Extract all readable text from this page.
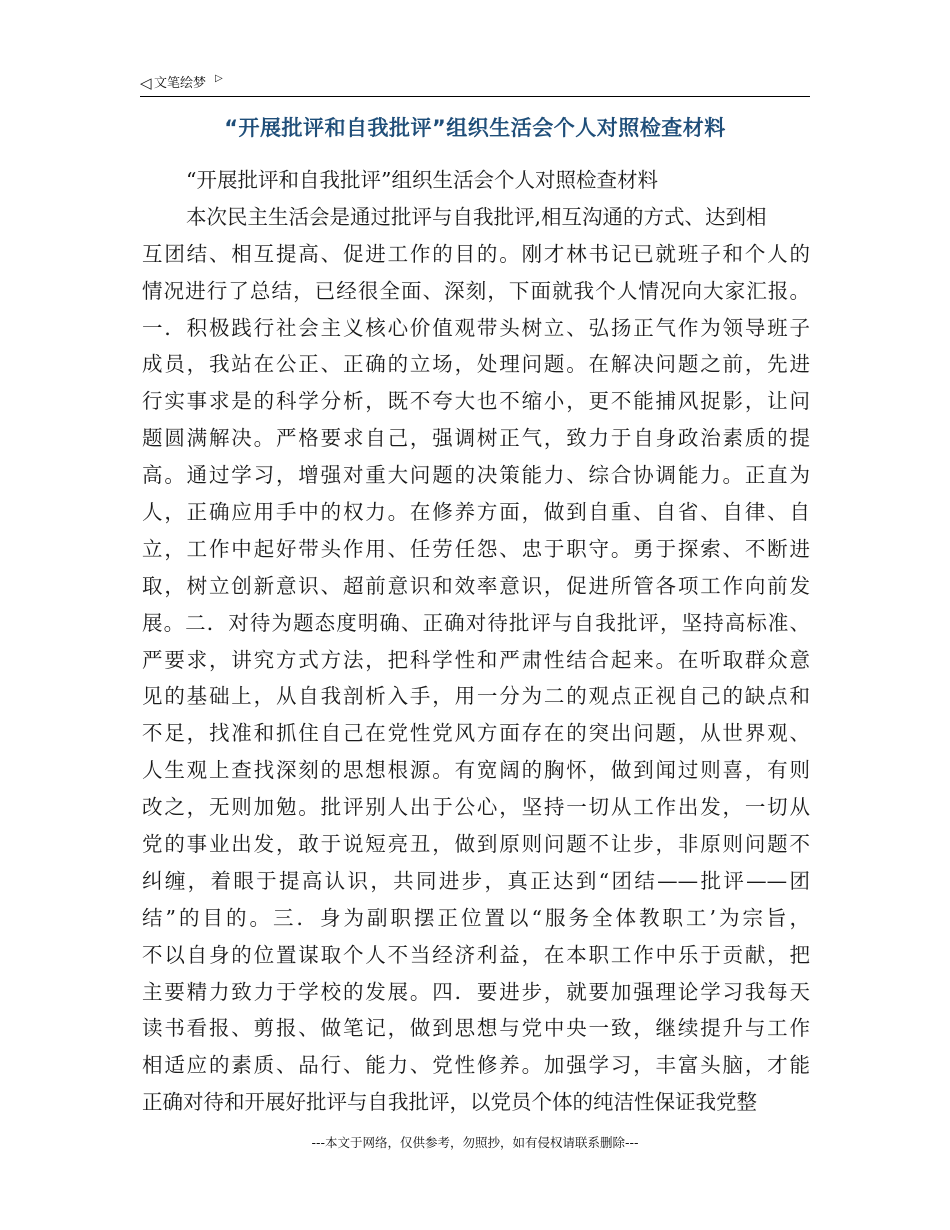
◁ 文笔绘梦 ▷
“开展批评和自我批评”组织生活会个人对照检查材料
“开展批评和自我批评”组织生活会个人对照检查材料
本次民主生活会是通过批评与自我批评,相互沟通的方式、达到相
互团结、相互提高、促进工作的目的。刚才林书记已就班子和个人的
情况进行了总结，已经很全面、深刻，下面就我个人情况向大家汇报。
一．积极践行社会主义核心价值观带头树立、弘扬正气作为领导班子
成员，我站在公正、正确的立场，处理问题。在解决问题之前，先进
行实事求是的科学分析，既不夸大也不缩小，更不能捕风捉影，让问
题圆满解决。严格要求自己，强调树正气，致力于自身政治素质的提
高。通过学习，增强对重大问题的决策能力、综合协调能力。正直为
人，正确应用手中的权力。在修养方面，做到自重、自省、自律、自
立，工作中起好带头作用、任劳任怨、忠于职守。勇于探索、不断进
取，树立创新意识、超前意识和效率意识，促进所管各项工作向前发
展。二．对待为题态度明确、正确对待批评与自我批评，坚持高标准、
严要求，讲究方式方法，把科学性和严肃性结合起来。在听取群众意
见的基础上，从自我剖析入手，用一分为二的观点正视自己的缺点和
不足，找准和抓住自己在党性党风方面存在的突出问题，从世界观、
人生观上查找深刻的思想根源。有宽阔的胸怀，做到闻过则喜，有则
改之，无则加勉。批评别人出于公心，坚持一切从工作出发，一切从
党的事业出发，敢于说短亮丑，做到原则问题不让步，非原则问题不
纠缠，着眼于提高认识，共同进步，真正达到“团结——批评——团
结”的目的。三．身为副职摆正位置以“服务全体教职工’为宗旨，
不以自身的位置谋取个人不当经济利益，在本职工作中乐于贡献，把
主要精力致力于学校的发展。四．要进步，就要加强理论学习我每天
读书看报、剪报、做笔记，做到思想与党中央一致，继续提升与工作
相适应的素质、品行、能力、党性修养。加强学习，丰富头脑，才能
正确对待和开展好批评与自我批评，以党员个体的纯洁性保证我党整
---本文于网络，仅供参考，勿照抄，如有侵权请联系删除---
